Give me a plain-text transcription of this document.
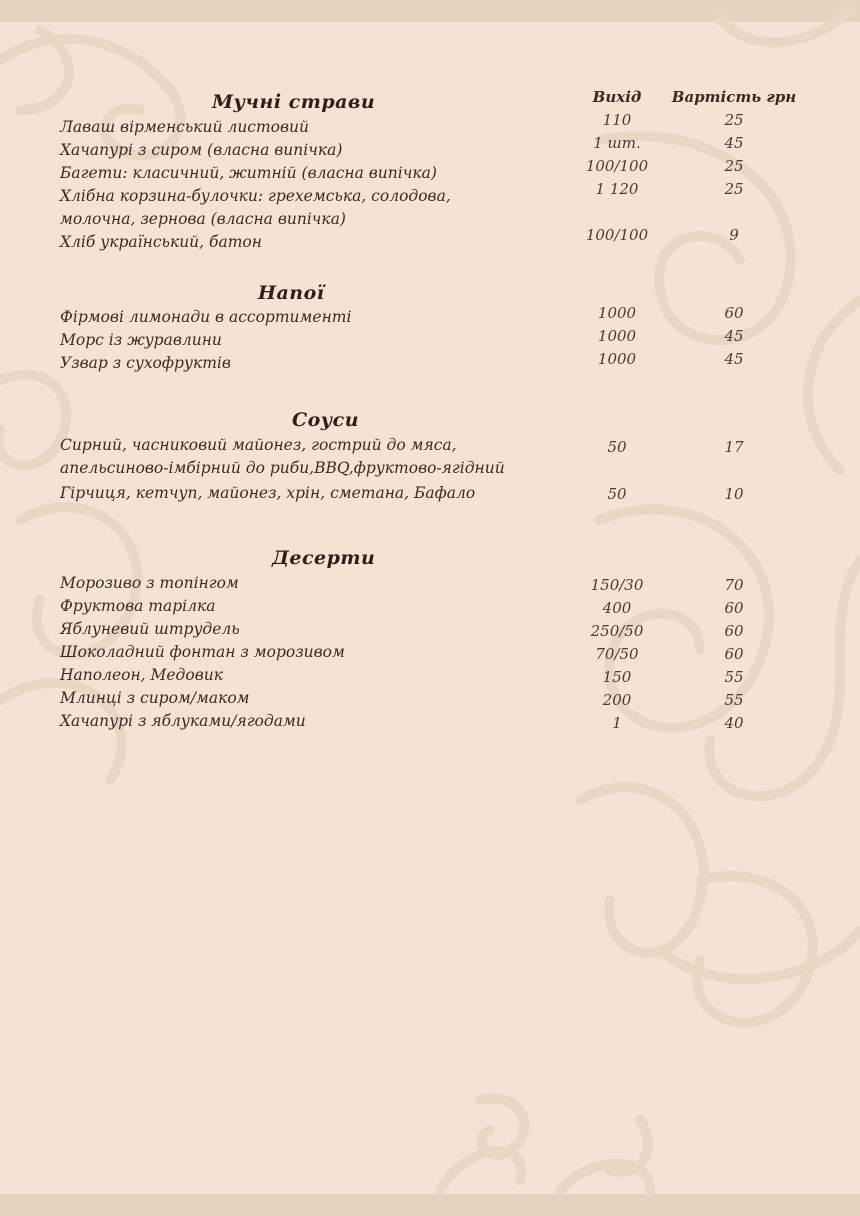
Вихід	Вартість грн
Мучні страви
Лаваш вірменський листовий	110	25
Хачапурі з сиром (власна випічка)	1 шт.	45
Багети: класичний, житній (власна випічка)	100/100	25
Хлібна корзина-булочки: грехемська, солодова,
молочна, зернова (власна випічка)
1 120	25
Хліб український, батон	100/100	9
Напої
Фірмові лимонади в ассортименті	1000	60
Морс із журавлини	1000	45
Узвар з сухофруктів	1000	45
Соуси
Сирний, часниковий майонез, гострий до мяса,
апельсиново-імбірний до риби,BBQ,фруктово-ягідний
50	17
Гірчиця, кетчуп, майонез, хрін, сметана, Бафало	50	10
Десерти
Морозиво з топінгом	150/30	70
Фруктова тарілка	400	60
Яблуневий штрудель	250/50	60
Шоколадний фонтан з морозивом	70/50	60
Наполеон, Медовик	150	55
Млинці з сиром/маком	200	55
Хачапурі з яблуками/ягодами	1	40
